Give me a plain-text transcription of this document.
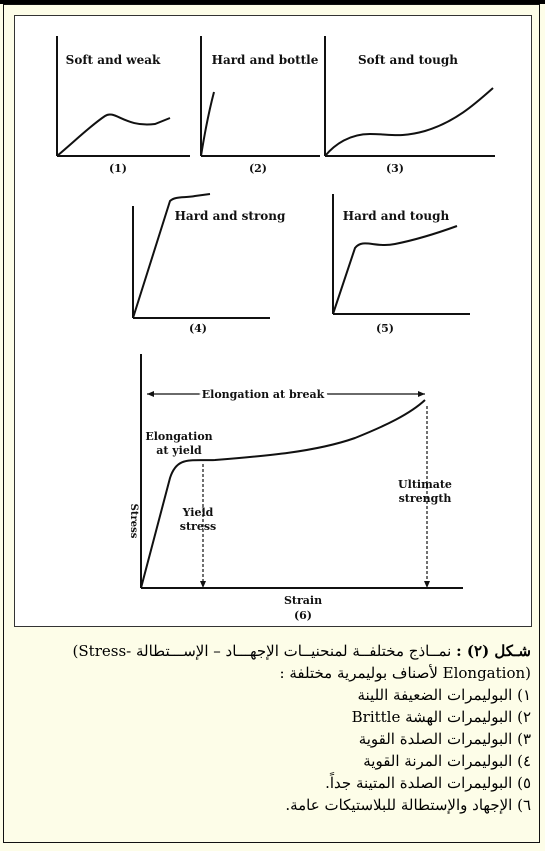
Soft and weak
(1)
Hard and bottle
(2)
Soft and tough
(3)
Hard and strong
(4)
Hard and tough
(5)
Elongation at break
Elongation
at yield
Yield
stress
Ultimate
strength
Stress
Strain
(6)
شـكل (٢) : نمــاذج مختلفــة لمنحنيــات الإجهـــاد – الإســـتطالة -Stress)
(Elongation لأصناف بوليمرية مختلفة :
١) البوليمرات الضعيفة اللينة
٢) البوليمرات الهشة Brittle
٣) البوليمرات الصلدة القوية
٤) البوليمرات المرنة القوية
٥) البوليمرات الصلدة المتينة جداً.
٦) الإجهاد والإستطالة للبلاستيكات عامة.
